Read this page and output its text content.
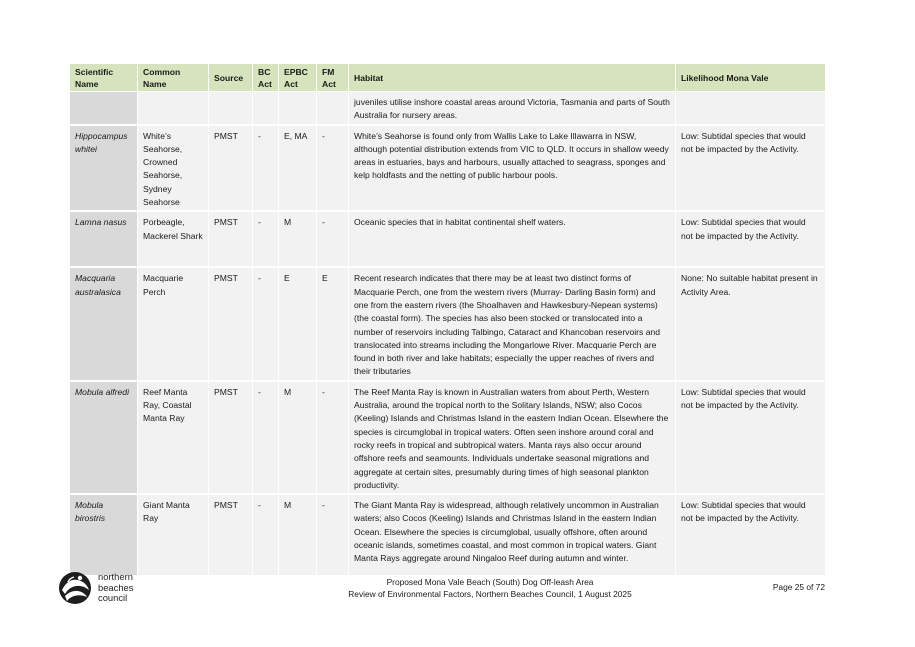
Scientific Name	Common Name	Source	BC Act	EPBC Act	FM Act	Habitat	Likelihood Mona Vale
						juveniles utilise inshore coastal areas around Victoria, Tasmania and parts of South Australia for nursery areas.	
Hippocampus whitei	White’s Seahorse, Crowned Seahorse, Sydney Seahorse	PMST	-	E, MA	-	White’s Seahorse is found only from Wallis Lake to Lake Illawarra in NSW, although potential distribution extends from VIC to QLD. It occurs in shallow weedy areas in estuaries, bays and harbours, usually attached to seagrass, sponges and kelp holdfasts and the netting of public harbour pools.	Low: Subtidal species that would not be impacted by the Activity.
Lamna nasus	Porbeagle, Mackerel Shark	PMST	-	M	-	Oceanic species that in habitat continental shelf waters.	Low: Subtidal species that would not be impacted by the Activity.
Macquaria australasica	Macquarie Perch	PMST	-	E	E	Recent research indicates that there may be at least two distinct forms of Macquarie Perch, one from the western rivers (Murray- Darling Basin form) and one from the eastern rivers (the Shoalhaven and Hawkesbury-Nepean systems) (the coastal form). The species has also been stocked or translocated into a number of reservoirs including Talbingo, Cataract and Khancoban reservoirs and translocated into streams including the Mongarlowe River. Macquarie Perch are found in both river and lake habitats; especially the upper reaches of rivers and their tributaries	None: No suitable habitat present in Activity Area.
Mobula alfredi	Reef Manta Ray, Coastal Manta Ray	PMST	-	M	-	The Reef Manta Ray is known in Australian waters from about Perth, Western Australia, around the tropical north to the Solitary Islands, NSW; also Cocos (Keeling) Islands and Christmas Island in the eastern Indian Ocean. Elsewhere the species is circumglobal in tropical waters. Often seen inshore around coral and rocky reefs in tropical and subtropical waters. Manta rays also occur around offshore reefs and seamounts. Individuals undertake seasonal migrations and aggregate at certain sites, presumably during times of high seasonal plankton productivity.	Low: Subtidal species that would not be impacted by the Activity.
Mobula birostris	Giant Manta Ray	PMST	-	M	-	The Giant Manta Ray is widespread, although relatively uncommon in Australian waters; also Cocos (Keeling) Islands and Christmas Island in the eastern Indian Ocean. Elsewhere the species is circumglobal, usually offshore, often around oceanic islands, sometimes coastal, and most common in tropical waters. Giant Manta Rays aggregate around Ningaloo Reef during autumn and winter.	Low: Subtidal species that would not be impacted by the Activity.
northern
beaches
council
Proposed Mona Vale Beach (South) Dog Off-leash Area
Review of Environmental Factors, Northern Beaches Council, 1 August 2025
Page 25 of 72
